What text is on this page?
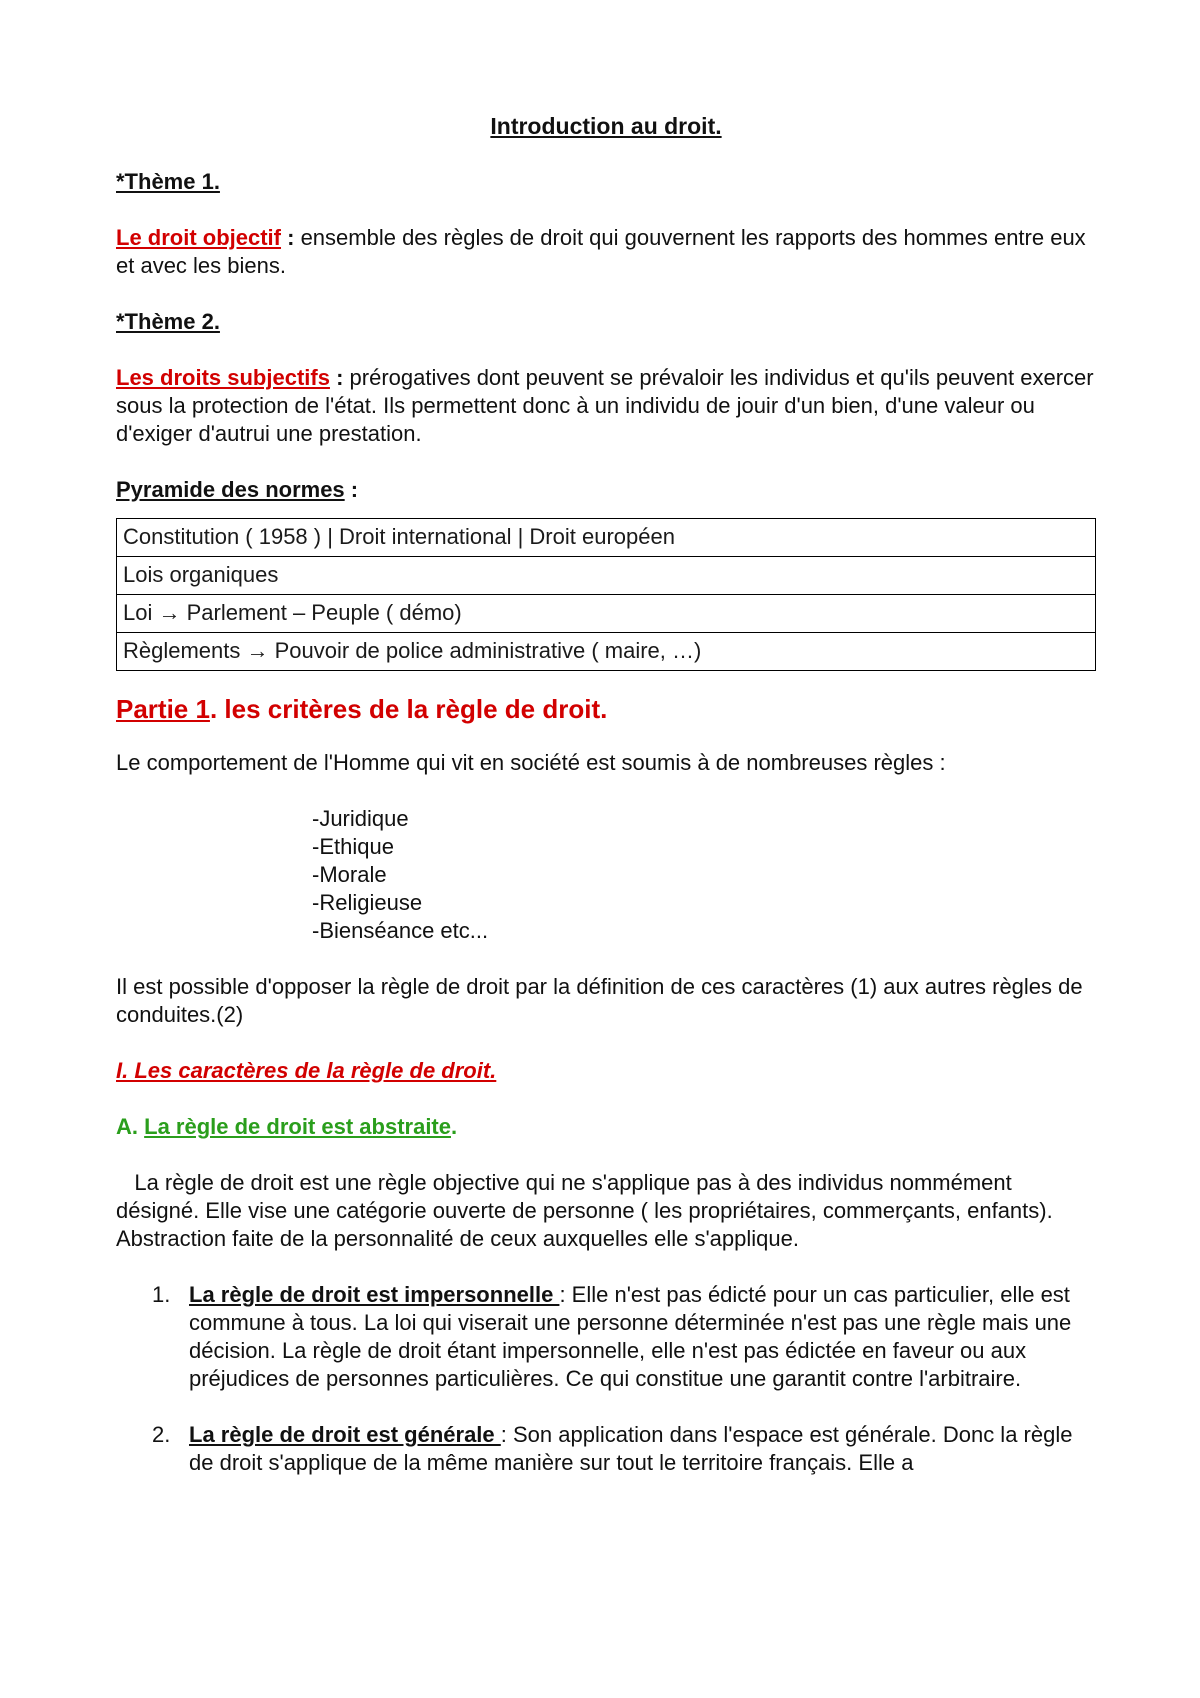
Introduction au droit.

*Thème 1.

Le droit objectif : ensemble des règles de droit qui gouvernent les rapports des hommes entre eux et avec les biens.

*Thème 2.

Les droits subjectifs : prérogatives dont peuvent se prévaloir les individus et qu'ils peuvent exercer sous la protection de l'état. Ils permettent donc à un individu de jouir d'un bien, d'une valeur ou d'exiger d'autrui une prestation.

Pyramide des normes :

Constitution ( 1958 ) | Droit international | Droit européen
Lois organiques
Loi → Parlement – Peuple ( démo)
Règlements → Pouvoir de police administrative ( maire, …)

Partie 1. les critères de la règle de droit.

Le comportement de l'Homme qui vit en société est soumis à de nombreuses règles :

-Juridique
-Ethique
-Morale
-Religieuse
-Bienséance etc...

Il est possible d'opposer la règle de droit par la définition de ces caractères (1) aux autres règles de conduites.(2)

I. Les caractères de la règle de droit.

A. La règle de droit est abstraite.

La règle de droit est une règle objective qui ne s'applique pas à des individus nommément désigné. Elle vise une catégorie ouverte de personne ( les propriétaires, commerçants, enfants). Abstraction faite de la personnalité de ceux auxquelles elle s'applique.

1. La règle de droit est impersonnelle : Elle n'est pas édicté pour un cas particulier, elle est commune à tous. La loi qui viserait une personne déterminée n'est pas une règle mais une décision. La règle de droit étant impersonnelle, elle n'est pas édictée en faveur ou aux préjudices de personnes particulières. Ce qui constitue une garantit contre l'arbitraire.
2. La règle de droit est générale : Son application dans l'espace est générale. Donc la règle de droit s'applique de la même manière sur tout le territoire français. Elle a
